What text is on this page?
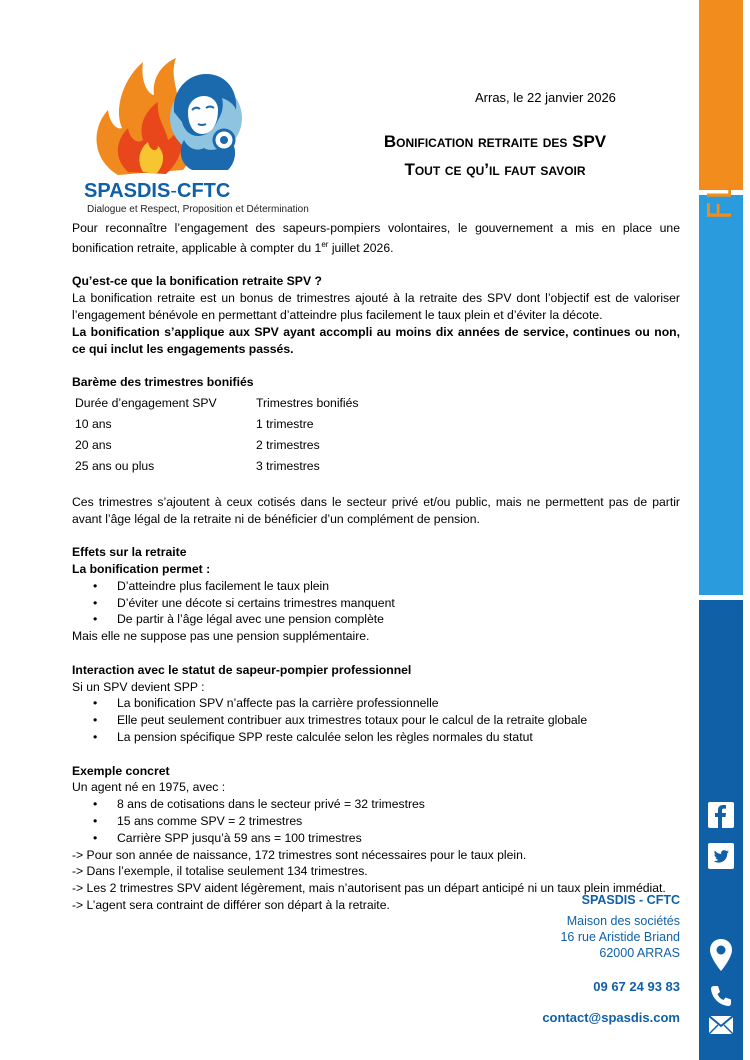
FLASH INFO
SPASDIS-CFTC
Dialogue et Respect, Proposition et Détermination
Arras, le 22 janvier 2026
Bonification retraite des SPV
Tout ce qu’il faut savoir

Pour reconnaître l’engagement des sapeurs-pompiers volontaires, le gouvernement a mis en place une bonification retraite, applicable à compter du 1er juillet 2026.

Qu’est-ce que la bonification retraite SPV ?

La bonification retraite est un bonus de trimestres ajouté à la retraite des SPV dont l’objectif est de valoriser l’engagement bénévole en permettant d’atteindre plus facilement le taux plein et d’éviter la décote.

La bonification s’applique aux SPV ayant accompli au moins dix années de service, continues ou non, ce qui inclut les engagements passés.

Barème des trimestres bonifiés

Durée d’engagement SPV	Trimestres bonifiés
10 ans	1 trimestre
20 ans	2 trimestres
25 ans ou plus	3 trimestres

Ces trimestres s’ajoutent à ceux cotisés dans le secteur privé et/ou public, mais ne permettent pas de partir avant l’âge légal de la retraite ni de bénéficier d’un complément de pension.

Effets sur la retraite

La bonification permet :

• D’atteindre plus facilement le taux plein
• D’éviter une décote si certains trimestres manquent
• De partir à l’âge légal avec une pension complète

Mais elle ne suppose pas une pension supplémentaire.

Interaction avec le statut de sapeur-pompier professionnel

Si un SPV devient SPP :

• La bonification SPV n’affecte pas la carrière professionnelle
• Elle peut seulement contribuer aux trimestres totaux pour le calcul de la retraite globale
• La pension spécifique SPP reste calculée selon les règles normales du statut

Exemple concret

Un agent né en 1975, avec :

• 8 ans de cotisations dans le secteur privé = 32 trimestres
• 15 ans comme SPV = 2 trimestres
• Carrière SPP jusqu’à 59 ans = 100 trimestres

-> Pour son année de naissance, 172 trimestres sont nécessaires pour le taux plein.

-> Dans l’exemple, il totalise seulement 134 trimestres.

-> Les 2 trimestres SPV aident légèrement, mais n’autorisent pas un départ anticipé ni un taux plein immédiat.

-> L’agent sera contraint de différer son départ à la retraite.	SPASDIS - CFTC
Maison des sociétés
16 rue Aristide Briand
62000 ARRAS
09 67 24 93 83
contact@spasdis.com
